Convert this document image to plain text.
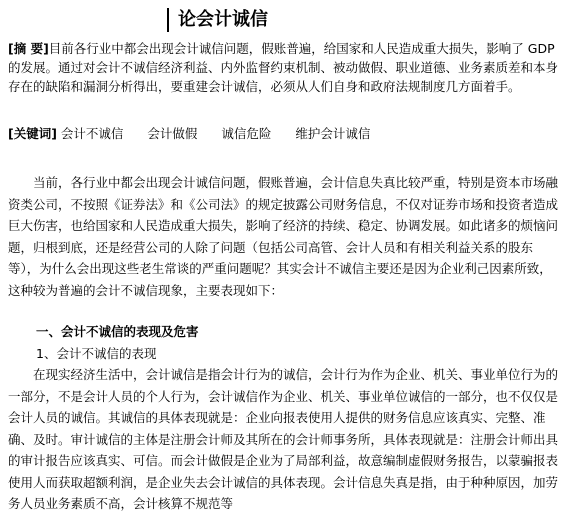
论会计诚信
[摘 要]目前各行业中都会出现会计诚信问题，假账普遍，给国家和人民造成重大损失，影响了 GDP 的发展。通过对会计不诚信经济利益、内外监督约束机制、被动做假、职业道德、业务素质差和本身存在的缺陷和漏洞分析得出，要重建会计诚信，必须从人们自身和政府法规制度几方面着手。
[关键词] 会计不诚信 会计做假 诚信危险 维护会计诚信
当前，各行业中都会出现会计诚信问题，假账普遍，会计信息失真比较严重，特别是资本市场融资类公司，不按照《证券法》和《公司法》的规定披露公司财务信息，不仅对证券市场和投资者造成巨大伤害，也给国家和人民造成重大损失，影响了经济的持续、稳定、协调发展。如此诸多的烦恼问题，归根到底，还是经营公司的人除了问题（包括公司高管、会计人员和有相关利益关系的股东等），为什么会出现这些老生常谈的严重问题呢？其实会计不诚信主要还是因为企业利己因素所致，这种较为普遍的会计不诚信现象，主要表现如下：
一、会计不诚信的表现及危害
1、会计不诚信的表现
在现实经济生活中，会计诚信是指会计行为的诚信，会计行为作为企业、机关、事业单位行为的一部分，不是会计人员的个人行为，会计诚信作为企业、机关、事业单位诚信的一部分，也不仅仅是会计人员的诚信。其诚信的具体表现就是：企业向报表使用人提供的财务信息应该真实、完整、准确、及时。审计诚信的主体是注册会计师及其所在的会计师事务所，具体表现就是：注册会计师出具的审计报告应该真实、可信。而会计做假是企业为了局部利益，故意编制虚假财务报告，以蒙骗报表使用人而获取超额利润，是企业失去会计诚信的具体表现。会计信息失真是指，由于种种原因，加劳务人员业务素质不高，会计核算不规范等
